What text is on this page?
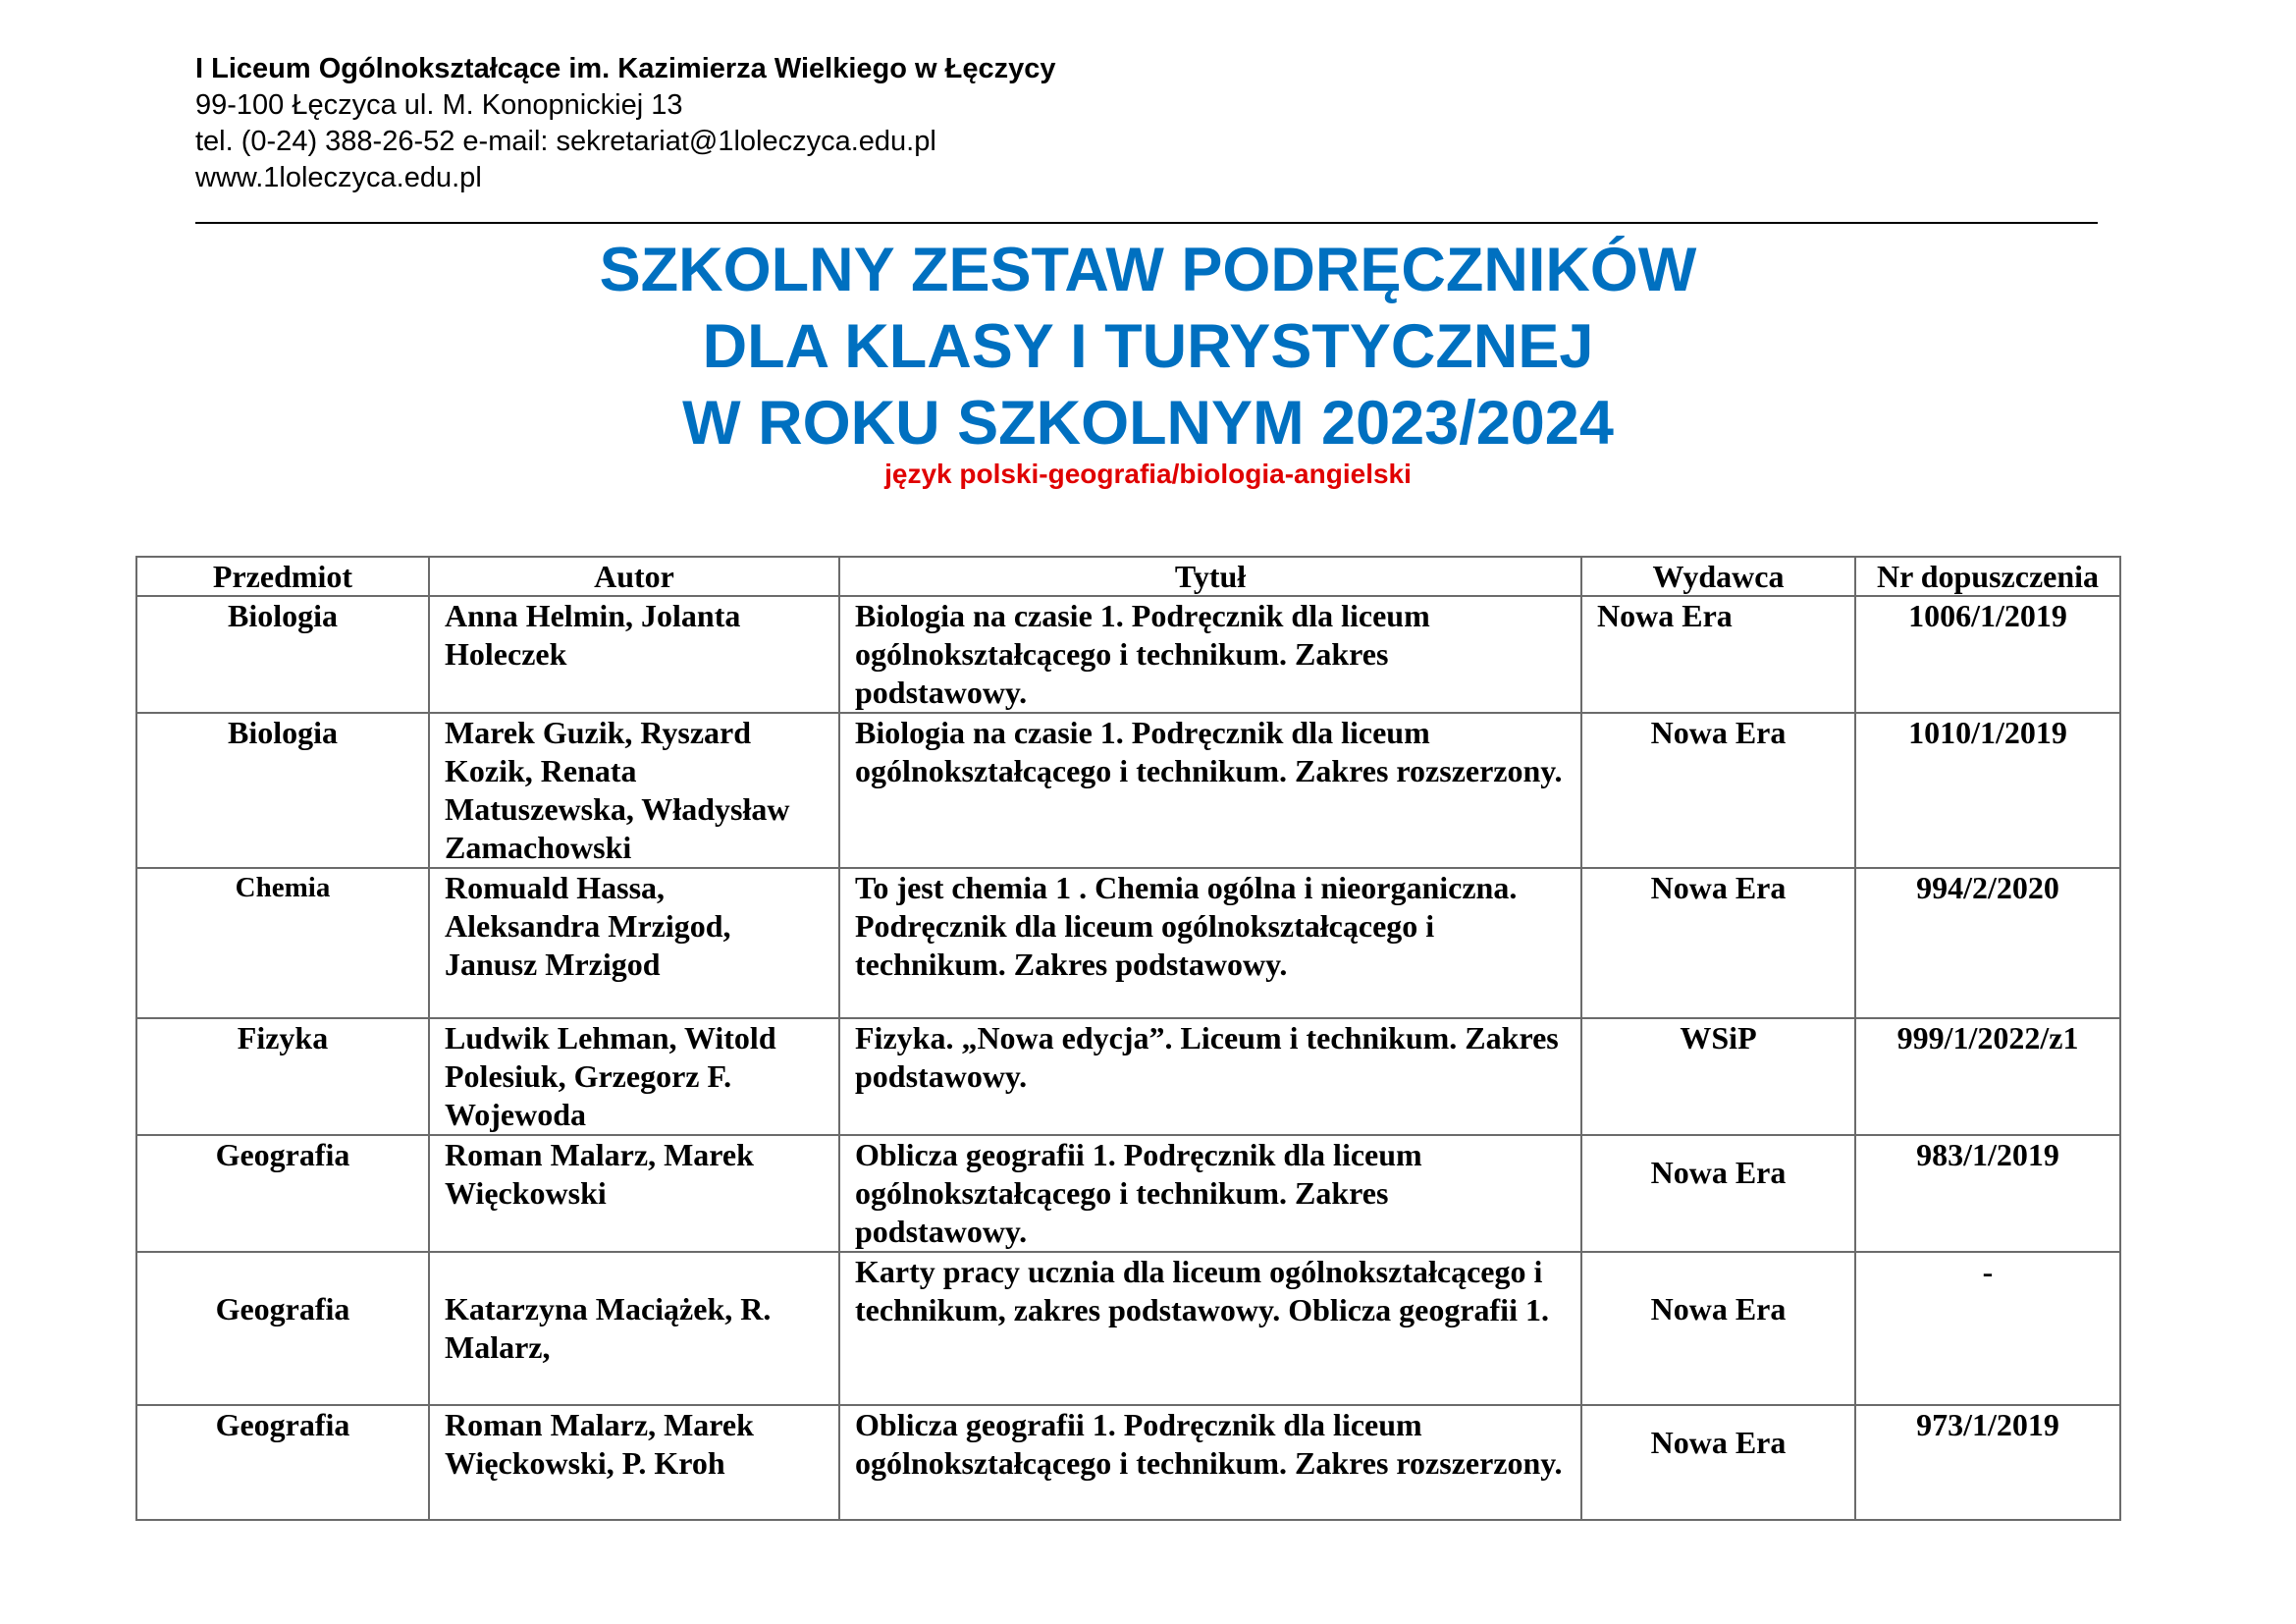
I Liceum Ogólnokształcące im. Kazimierza Wielkiego w Łęczycy
99-100 Łęczyca ul. M. Konopnickiej 13
tel. (0-24) 388-26-52 e-mail: sekretariat@1loleczyca.edu.pl
www.1loleczyca.edu.pl
SZKOLNY ZESTAW PODRĘCZNIKÓW
DLA KLASY I TURYSTYCZNEJ
W ROKU SZKOLNYM 2023/2024
język polski-geografia/biologia-angielski
Przedmiot	Autor	Tytuł	Wydawca	Nr dopuszczenia
Biologia	Anna Helmin, Jolanta Holeczek	Biologia na czasie 1. Podręcznik dla liceum ogólnokształcącego i technikum. Zakres podstawowy.	Nowa Era	1006/1/2019
Biologia	Marek Guzik, Ryszard Kozik, Renata Matuszewska, Władysław Zamachowski	Biologia na czasie 1. Podręcznik dla liceum ogólnokształcącego i technikum. Zakres rozszerzony.	Nowa Era	1010/1/2019
Chemia	Romuald Hassa, Aleksandra Mrzigod, Janusz Mrzigod	To jest chemia 1 . Chemia ogólna i nieorganiczna. Podręcznik dla liceum ogólnokształcącego i technikum. Zakres podstawowy.	Nowa Era	994/2/2020
Fizyka	Ludwik Lehman, Witold Polesiuk, Grzegorz F. Wojewoda	Fizyka. „Nowa edycja”. Liceum i technikum. Zakres podstawowy.	WSiP	999/1/2022/z1
Geografia	Roman Malarz, Marek Więckowski	Oblicza geografii 1. Podręcznik dla liceum ogólnokształcącego i technikum. Zakres podstawowy.	Nowa Era	983/1/2019
Geografia	Katarzyna Maciążek, R. Malarz,	Karty pracy ucznia dla liceum ogólnokształcącego i technikum, zakres podstawowy. Oblicza geografii 1.	Nowa Era	-
Geografia	Roman Malarz, Marek Więckowski, P. Kroh	Oblicza geografii 1. Podręcznik dla liceum ogólnokształcącego i technikum. Zakres rozszerzony.	Nowa Era	973/1/2019
